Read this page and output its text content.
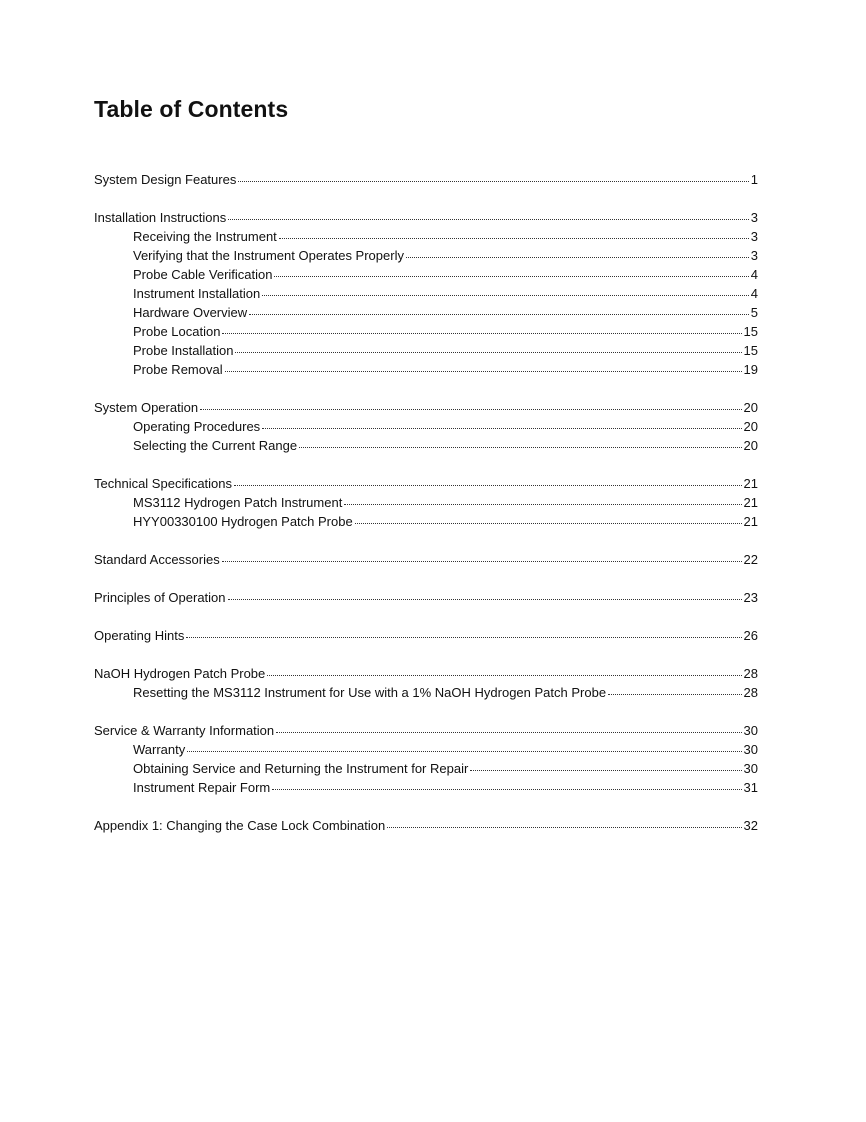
Table of Contents
System Design Features	1
Installation Instructions	3
Receiving the Instrument	3
Verifying that the Instrument Operates Properly	3
Probe Cable Verification	4
Instrument Installation	4
Hardware Overview	5
Probe Location	15
Probe Installation	15
Probe Removal	19
System Operation	20
Operating Procedures	20
Selecting the Current Range	20
Technical Specifications	21
MS3112 Hydrogen Patch Instrument	21
HYY00330100 Hydrogen Patch Probe	21
Standard Accessories	22
Principles of Operation	23
Operating Hints	26
NaOH Hydrogen Patch Probe	28
Resetting the MS3112 Instrument for Use with a 1% NaOH Hydrogen Patch Probe	28
Service & Warranty Information	30
Warranty	30
Obtaining Service and Returning the Instrument for Repair	30
Instrument Repair Form	31
Appendix 1: Changing the Case Lock Combination	32
